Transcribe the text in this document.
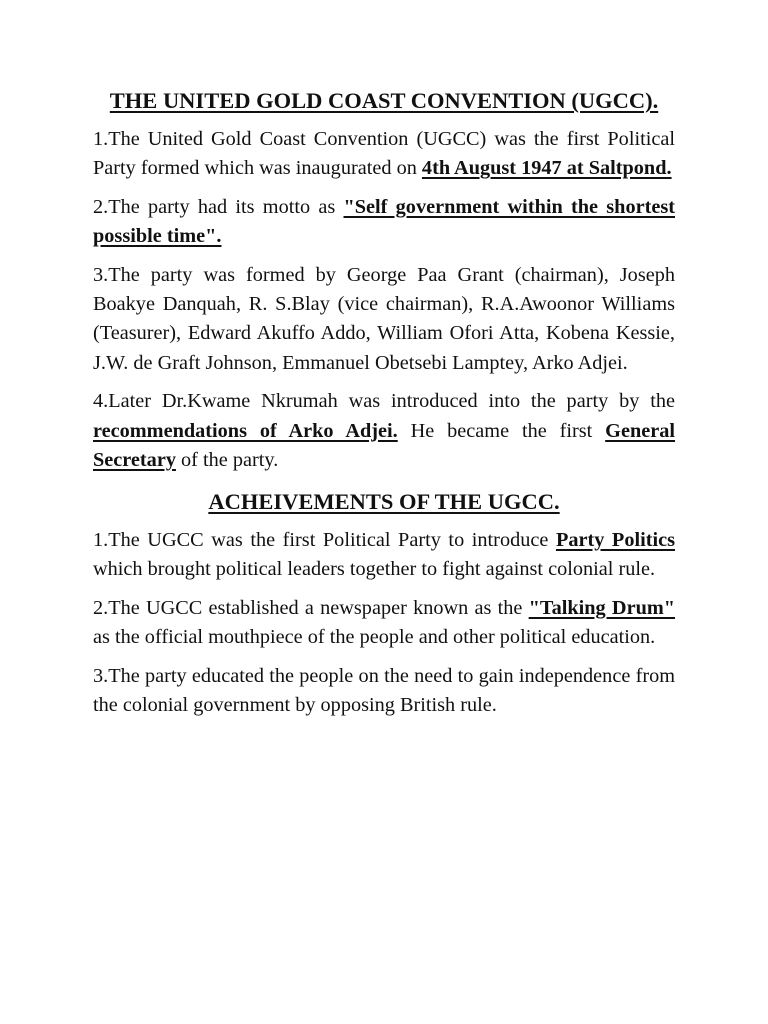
THE UNITED GOLD COAST CONVENTION (UGCC).

1.The United Gold Coast Convention (UGCC) was the first Political Party formed which was inaugurated on 4th August 1947 at Saltpond.

2.The party had its motto as "Self government within the shortest possible time".

3.The party was formed by George Paa Grant (chairman), Joseph Boakye Danquah, R. S.Blay (vice chairman), R.A.Awoonor Williams (Teasurer), Edward Akuffo Addo, William Ofori Atta, Kobena Kessie, J.W. de Graft Johnson, Emmanuel Obetsebi Lamptey, Arko Adjei.

4.Later Dr.Kwame Nkrumah was introduced into the party by the recommendations of Arko Adjei. He became the first General Secretary of the party.

ACHEIVEMENTS OF THE UGCC.

1.The UGCC was the first Political Party to introduce Party Politics which brought political leaders together to fight against colonial rule.

2.The UGCC established a newspaper known as the "Talking Drum" as the official mouthpiece of the people and other political education.

3.The party educated the people on the need to gain independence from the colonial government by opposing British rule.
